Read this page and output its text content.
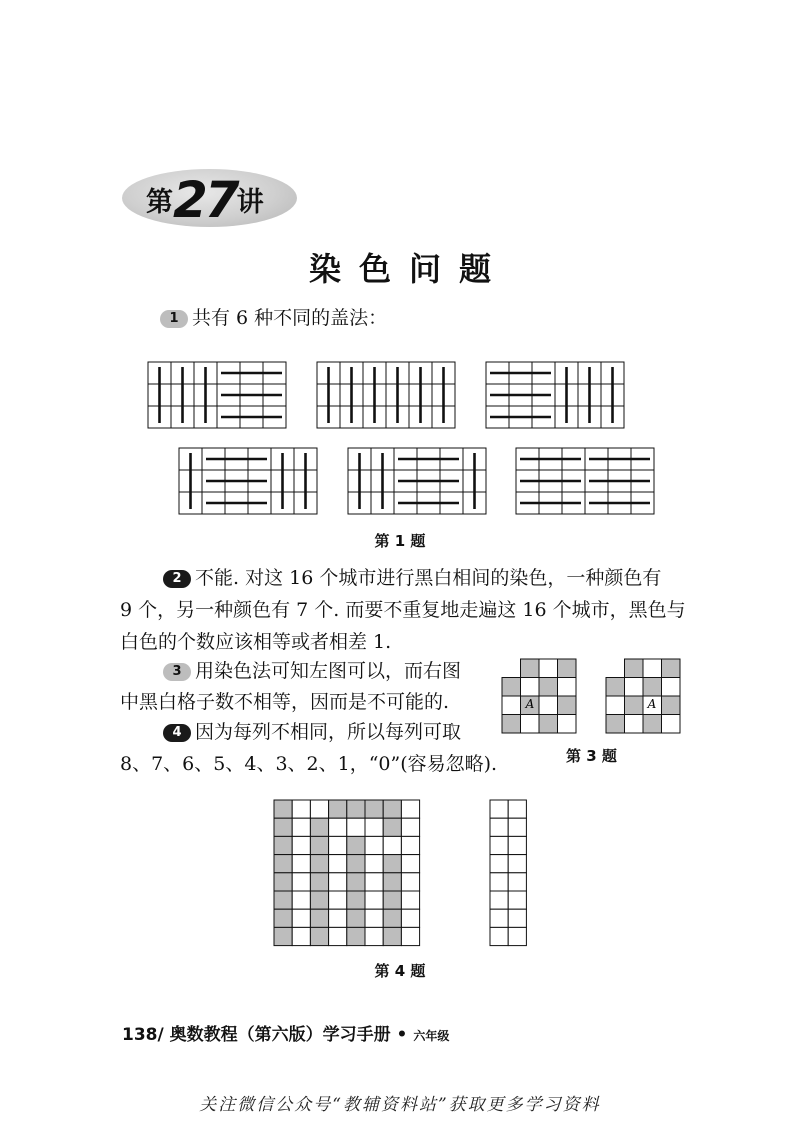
第27讲
染色问题
1 共有 6 种不同的盖法：
第 1 题
2 不能. 对这 16 个城市进行黑白相间的染色，一种颜色有
9 个，另一种颜色有 7 个. 而要不重复地走遍这 16 个城市，黑色与
白色的个数应该相等或者相差 1.
3 用染色法可知左图可以，而右图
中黑白格子数不相等，因而是不可能的.
4 因为每列不相同，所以每列可取
8、7、6、5、4、3、2、1，“0”(容易忽略).
A	A
第 3 题
第 4 题
138/ 奥数教程（第六版）学习手册 • 六年级
关注微信公众号“教辅资料站”获取更多学习资料
